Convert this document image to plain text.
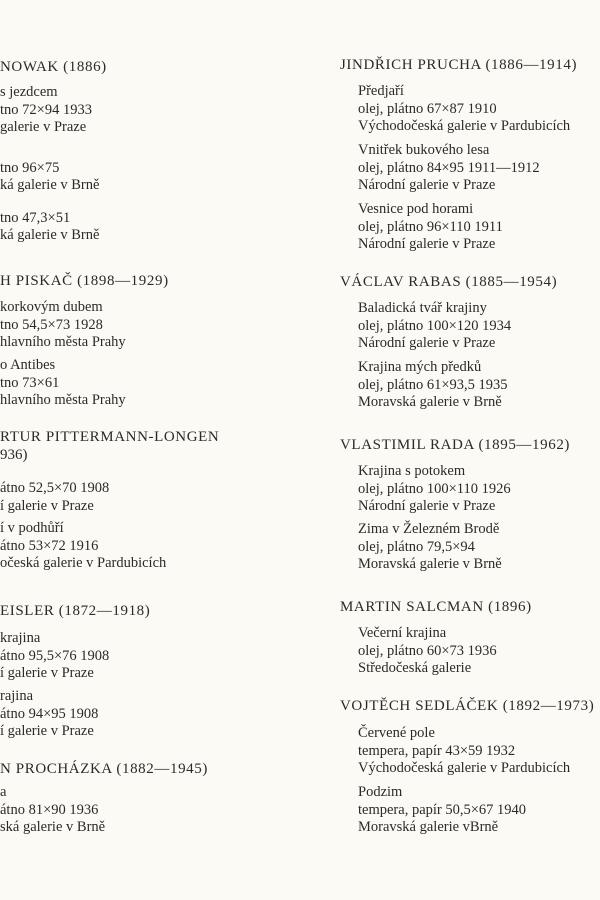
NOWAK (1886)
s jezdcem
tno 72×94 1933
galerie v Praze

tno 96×75
ká galerie v Brně

tno 47,3×51
ká galerie v Brně
H PISKAČ (1898—1929)
korkovým dubem
tno 54,5×73 1928
hlavního města Prahy
o Antibes
tno 73×61
hlavního města Prahy
RTUR PITTERMANN-LONGEN
936)
átno 52,5×70 1908
í galerie v Praze
í v podhůří
átno 53×72 1916
očeská galerie v Pardubicích
EISLER (1872—1918)
krajina
átno 95,5×76 1908
í galerie v Praze
rajina
átno 94×95 1908
í galerie v Praze
N PROCHÁZKA (1882—1945)
a
átno 81×90 1936
ská galerie v Brně
JINDŘICH PRUCHA (1886—1914)
Předjaří
olej, plátno 67×87 1910
Východočeská galerie v Pardubicích
Vnitřek bukového lesa
olej, plátno 84×95 1911—1912
Národní galerie v Praze
Vesnice pod horami
olej, plátno 96×110 1911
Národní galerie v Praze
VÁCLAV RABAS (1885—1954)
Baladická tvář krajiny
olej, plátno 100×120 1934
Národní galerie v Praze
Krajina mých předků
olej, plátno 61×93,5 1935
Moravská galerie v Brně
VLASTIMIL RADA (1895—1962)
Krajina s potokem
olej, plátno 100×110 1926
Národní galerie v Praze
Zima v Železném Brodě
olej, plátno 79,5×94
Moravská galerie v Brně
MARTIN SALCMAN (1896)
Večerní krajina
olej, plátno 60×73 1936
Středočeská galerie
VOJTĚCH SEDLÁČEK (1892—1973)
Červené pole
tempera, papír 43×59 1932
Východočeská galerie v Pardubicích
Podzim
tempera, papír 50,5×67 1940
Moravská galerie vBrně
